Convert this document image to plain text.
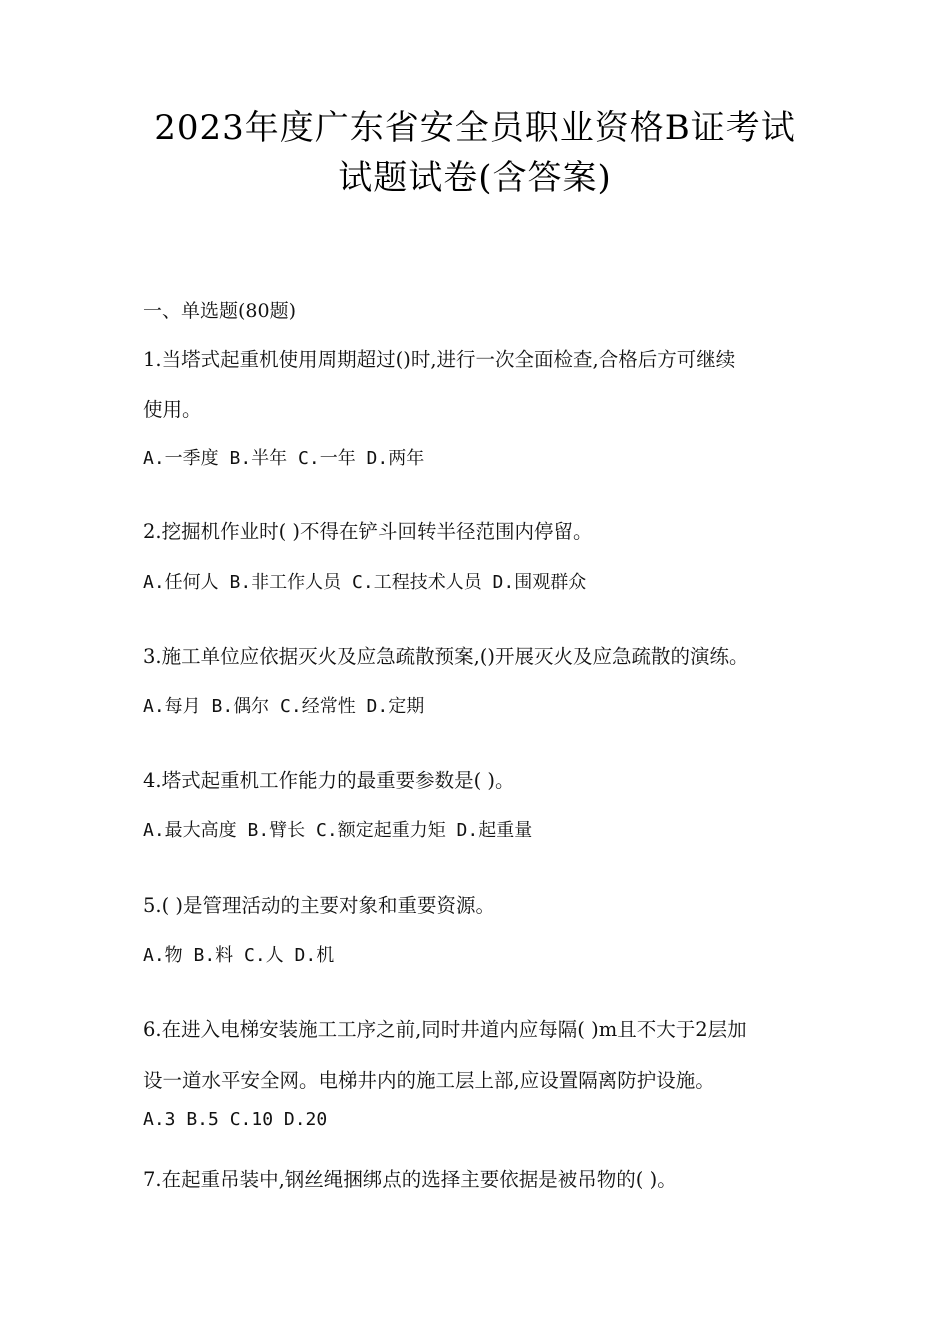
2023年度广东省安全员职业资格B证考试
试题试卷(含答案)
一、单选题(80题)
1.当塔式起重机使用周期超过()时,进行一次全面检查,合格后方可继续
使用。
A.一季度 B.半年 C.一年 D.两年
2.挖掘机作业时( )不得在铲斗回转半径范围内停留。
A.任何人 B.非工作人员 C.工程技术人员 D.围观群众
3.施工单位应依据灭火及应急疏散预案,()开展灭火及应急疏散的演练。
A.每月 B.偶尔 C.经常性 D.定期
4.塔式起重机工作能力的最重要参数是( )。
A.最大高度 B.臂长 C.额定起重力矩 D.起重量
5.( )是管理活动的主要对象和重要资源。
A.物 B.料 C.人 D.机
6.在进入电梯安装施工工序之前,同时井道内应每隔( )m且不大于2层加
设一道水平安全网。电梯井内的施工层上部,应设置隔离防护设施。
A.3 B.5 C.10 D.20
7.在起重吊装中,钢丝绳捆绑点的选择主要依据是被吊物的( )。
